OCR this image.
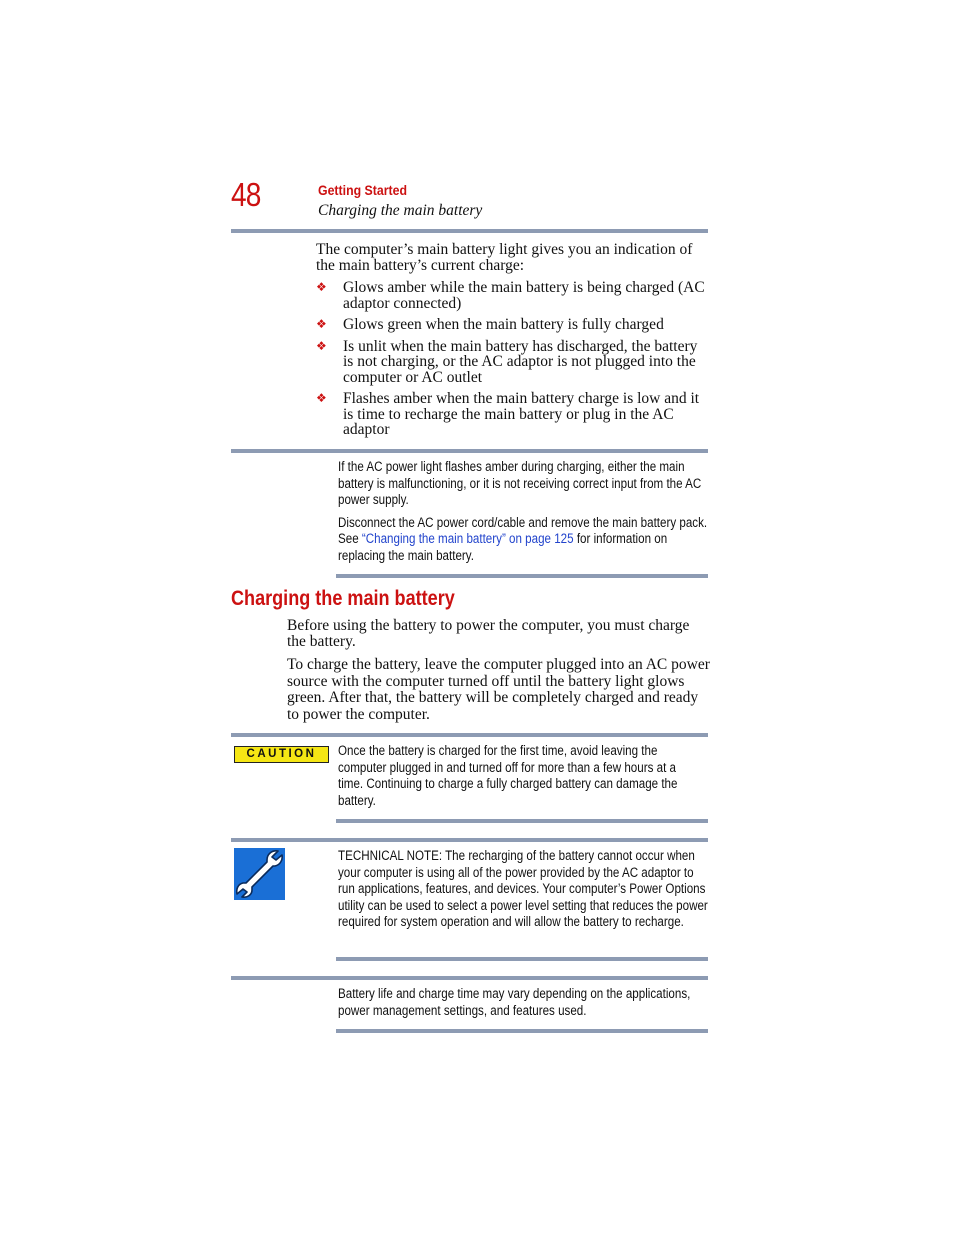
48	Getting Started
Charging the main battery
The computer’s main battery light gives you an indication of the main battery’s current charge:
❖ Glows amber while the main battery is being charged (AC adaptor connected)
❖ Glows green when the main battery is fully charged
❖ Is unlit when the main battery has discharged, the battery is not charging, or the AC adaptor is not plugged into the computer or AC outlet
❖ Flashes amber when the main battery charge is low and it is time to recharge the main battery or plug in the AC adaptor

If the AC power light flashes amber during charging, either the main battery is malfunctioning, or it is not receiving correct input from the AC power supply.

Disconnect the AC power cord/cable and remove the main battery pack. See “Changing the main battery” on page 125 for information on replacing the main battery.

Charging the main battery
Before using the battery to power the computer, you must charge the battery.
To charge the battery, leave the computer plugged into an AC power source with the computer turned off until the battery light glows green. After that, the battery will be completely charged and ready to power the computer.
CAUTION	Once the battery is charged for the first time, avoid leaving the computer plugged in and turned off for more than a few hours at a time. Continuing to charge a fully charged battery can damage the battery.
TECHNICAL NOTE: The recharging of the battery cannot occur when your computer is using all of the power provided by the AC adaptor to run applications, features, and devices. Your computer’s Power Options utility can be used to select a power level setting that reduces the power required for system operation and will allow the battery to recharge.
Battery life and charge time may vary depending on the applications, power management settings, and features used.
